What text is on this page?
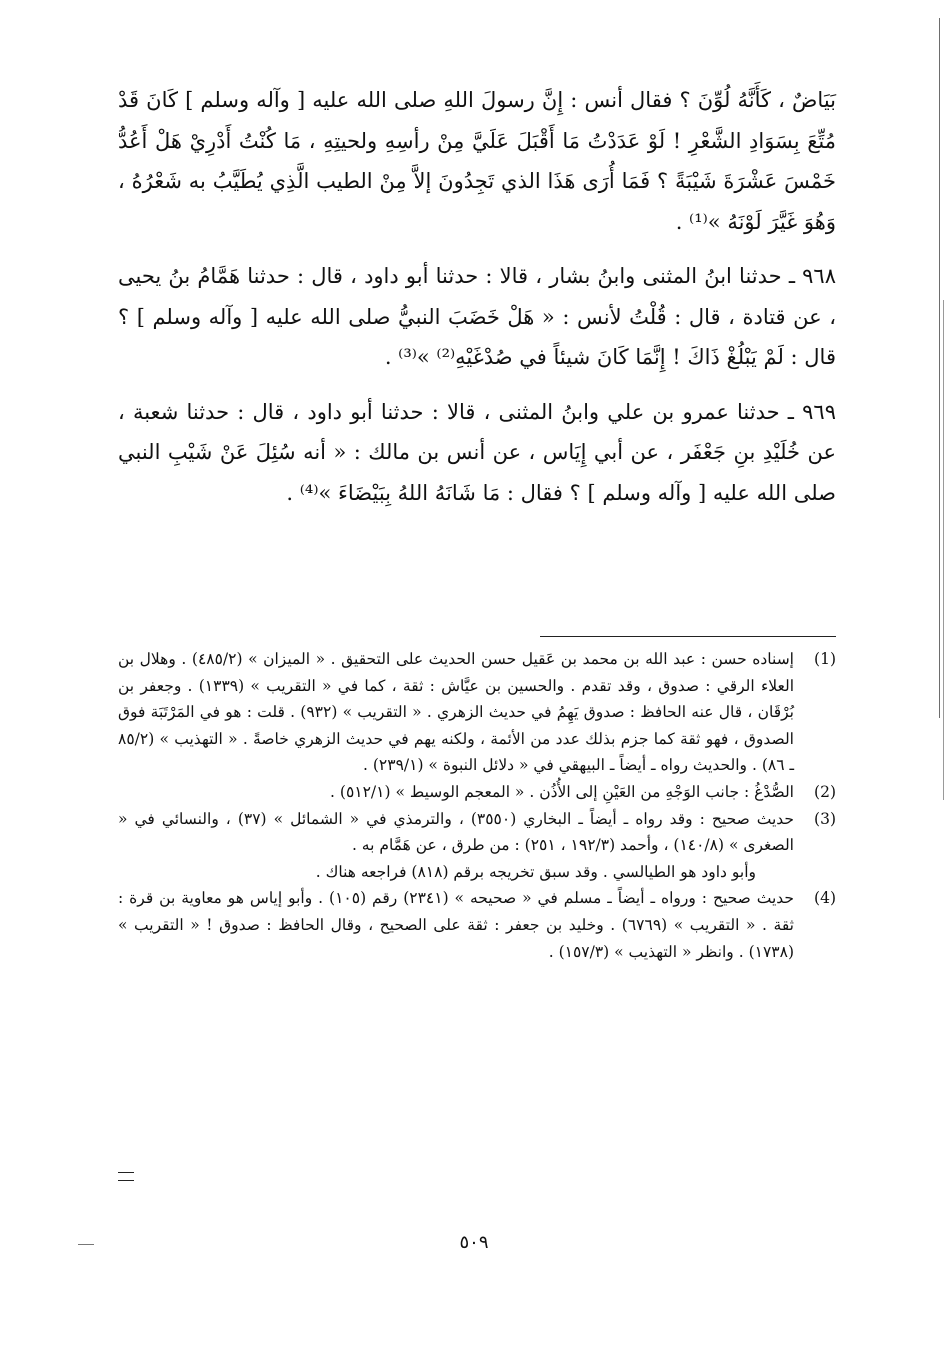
بَيَاضٌ ، كَأَنَّهُ لُوِّنَ ؟ فقال أنس : إِنَّ رسولَ اللهِ صلى الله عليه [ وآله وسلم ] كَانَ قَدْ مُتِّعَ بِسَوَادِ الشَّعْرِ ! لَوْ عَدَدْتُ مَا أَقْبَلَ عَلَيَّ مِنْ رأسِهِ ولحيتِهِ ، مَا كُنْتُ أَدْرِيْ هَلْ أَعُدُّ خَمْسَ عَشْرَةَ شَيْبَةً ؟ فَمَا أُرَى هَذَا الذي تَجِدُونَ إلاَّ مِنْ الطيب الَّذِي يُطَيَّبُ به شَعْرُهُ ، وَهُوَ غَيَّرَ لَوْنَهُ »⁽¹⁾ .

٩٦٨ ـ حدثنا ابنُ المثنى وابنُ بشار ، قالا : حدثنا أبو داود ، قال : حدثنا هَمَّامُ بنُ يحيى ، عن قتادة ، قال : قُلْتُ لأنس : « هَلْ خَضَبَ النبيُّ صلى الله عليه [ وآله وسلم ] ؟ قال : لَمْ يَبْلُغْ ذَاكَ ! إِنَّمَا كَانَ شيئاً في صُدْغَيْهِ⁽²⁾ »⁽³⁾ .

٩٦٩ ـ حدثنا عمرو بن علي وابنُ المثنى ، قالا : حدثنا أبو داود ، قال : حدثنا شعبة ، عن خُلَيْدِ بنِ جَعْفَر ، عن أبي إِيَاس ، عن أنس بن مالك : « أنه سُئِلَ عَنْ شَيْبِ النبي صلى الله عليه [ وآله وسلم ] ؟ فقال : مَا شَانَهُ اللهُ بِبَيْضَاءَ »⁽⁴⁾ .

(1)

إسناده حسن : عبد الله بن محمد بن عَقيل حسن الحديث على التحقيق . « الميزان » (٤٨٥/٢) . وهلال بن العلاء الرقي : صدوق ، وقد تقدم . والحسين بن عيَّاش : ثقة ، كما في « التقريب » (١٣٣٩) . وجعفر بن بُرْقَان ، قال عنه الحافظ : صدوق يَهِمُ في حديث الزهري . « التقريب » (٩٣٢) . قلت : هو في المَرْتَبَة فوق الصدوق ، فهو ثقة كما جزم بذلك عدد من الأئمة ، ولكنه يهم في حديث الزهري خاصةً . « التهذيب » (٨٥/٢ ـ ٨٦) . والحديث رواه ـ أيضاً ـ البيهقي في « دلائل النبوة » (٢٣٩/١) .

(2)

الصُّدْغُ : جانب الوَجْهِ من العَيْنِ إلى الأُذُن . « المعجم الوسيط » (٥١٢/١) .

(3)

حديث صحيح : وقد رواه ـ أيضاً ـ البخاري (٣٥٥٠) ، والترمذي في « الشمائل » (٣٧) ، والنسائي في « الصغرى » (١٤٠/٨) ، وأحمد (١٩٢/٣ ، ٢٥١) : من طرق ، عن هَمَّام به .

وأبو داود هو الطيالسي . وقد سبق تخريجه برقم (٨١٨) فراجعه هناك .

(4)

حديث صحيح : ورواه ـ أيضاً ـ مسلم في « صحيحه » (٢٣٤١) رقم (١٠٥) . وأبو إياس هو معاوية بن قرة : ثقة . « التقريب » (٦٧٦٩) . وخليد بن جعفر : ثقة على الصحيح ، وقال الحافظ : صدوق ! « التقريب » (١٧٣٨) . وانظر « التهذيب » (١٥٧/٣) .

٥٠٩
